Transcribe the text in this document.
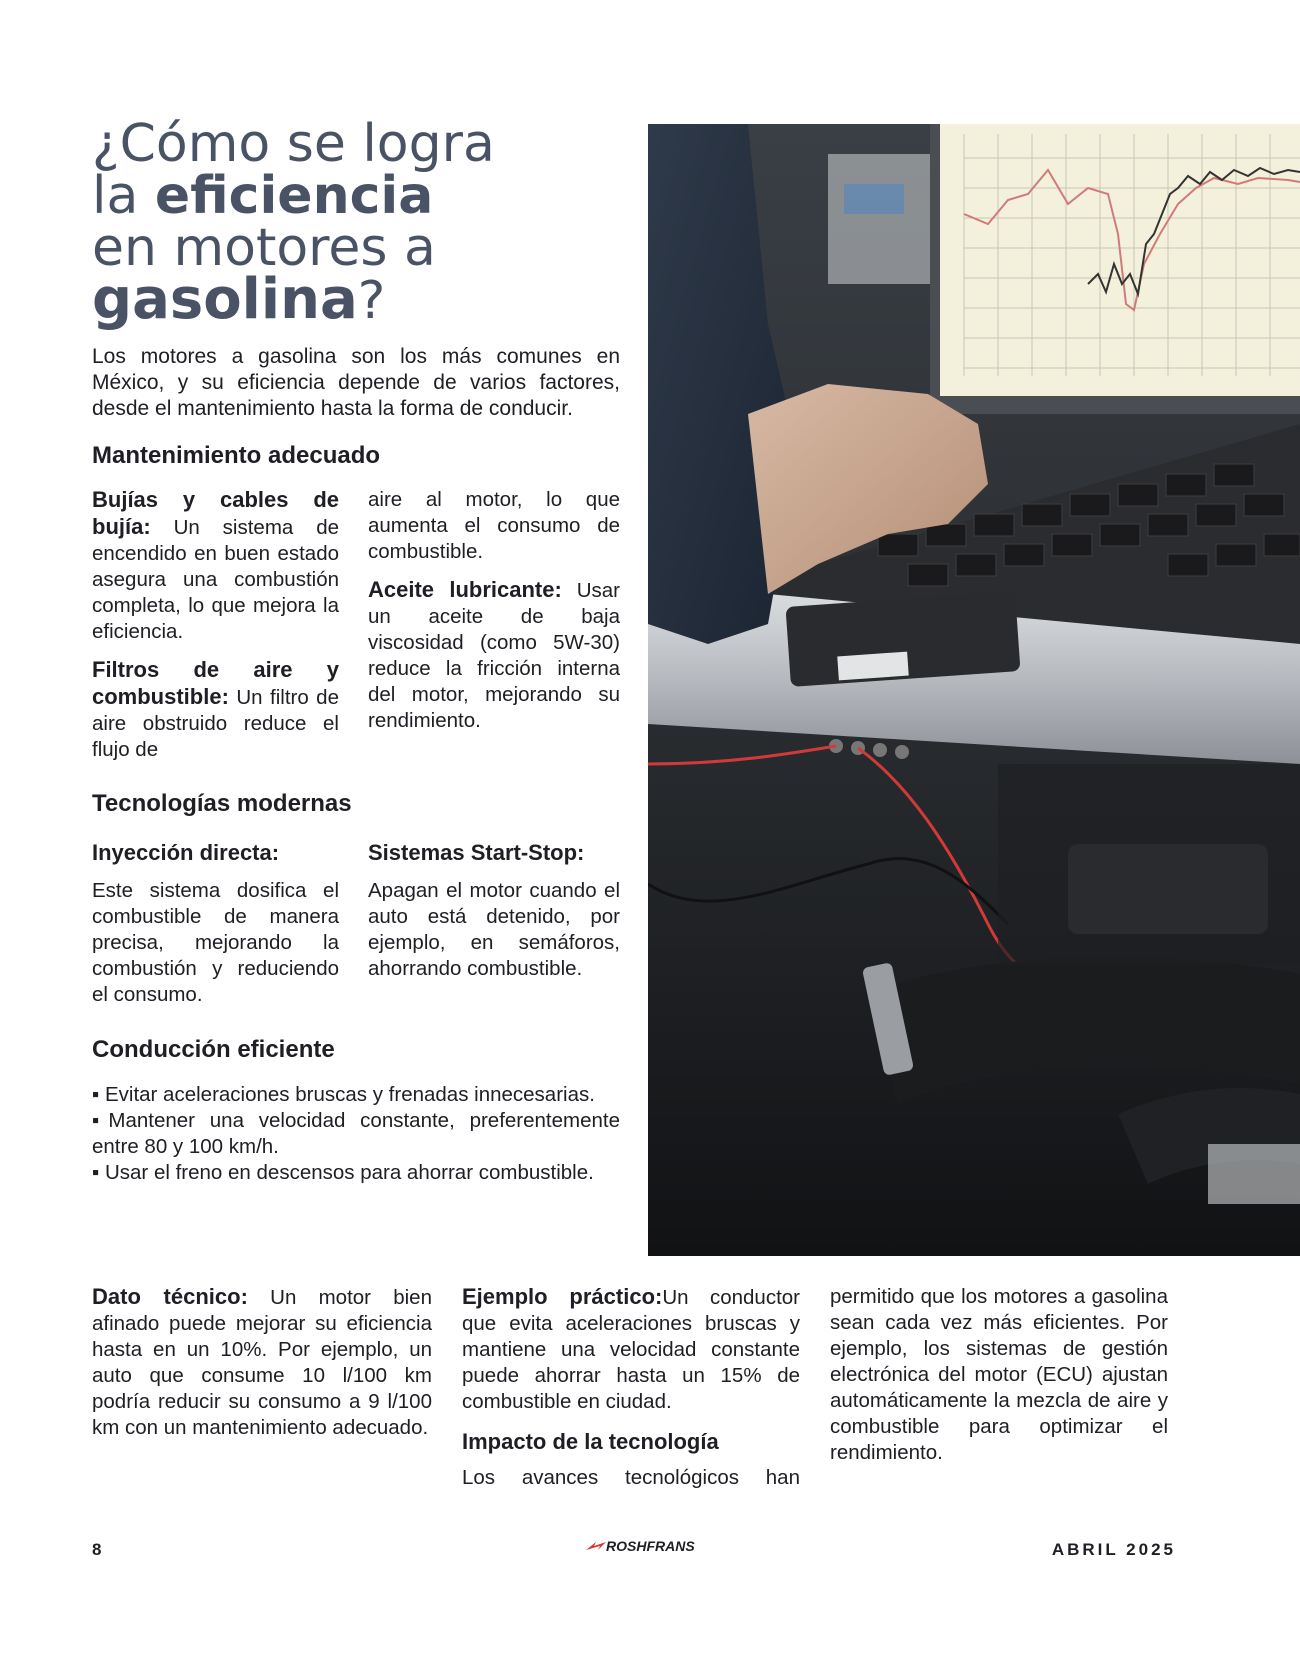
¿Cómo se logra
la eficiencia
en motores a
gasolina?
Los motores a gasolina son los más comunes en México, y su eficiencia depende de varios factores, desde el mantenimiento hasta la forma de conducir.
Mantenimiento adecuado
Bujías y cables de bujía: Un sistema de encendido en buen estado asegura una combustión completa, lo que mejora la eficiencia.
Filtros de aire y combustible: Un filtro de aire obstruido reduce el flujo de
aire al motor, lo que aumenta el consumo de combustible.
Aceite lubricante: Usar un aceite de baja viscosidad (como 5W-30) reduce la fricción interna del motor, mejorando su rendimiento.
Tecnologías modernas
Inyección directa:
Este sistema dosifica el combustible de manera precisa, mejorando la combustión y reduciendo el consumo.
Sistemas Start-Stop:
Apagan el motor cuando el auto está detenido, por ejemplo, en semáforos, ahorrando combustible.
Conducción eficiente
▪ Evitar aceleraciones bruscas y frenadas innecesarias.
▪Mantener una velocidad constante, preferentemente entre 80 y 100 km/h.
▪ Usar el freno en descensos para ahorrar combustible.
Dato técnico: Un motor bien afinado puede mejorar su eficiencia hasta en un 10%. Por ejemplo, un auto que consume 10 l/100 km podría reducir su consumo a 9 l/100 km con un mantenimiento adecuado.
Ejemplo práctico:Un conductor que evita aceleraciones bruscas y mantiene una velocidad constante puede ahorrar hasta un 15% de combustible en ciudad.
Impacto de la tecnología
Los avances tecnológicos han
permitido que los motores a gasolina sean cada vez más eficientes. Por ejemplo, los sistemas de gestión electrónica del motor (ECU) ajustan automáticamente la mezcla de aire y combustible para optimizar el rendimiento.
8	ROSHFRANS	ABRIL 2025
